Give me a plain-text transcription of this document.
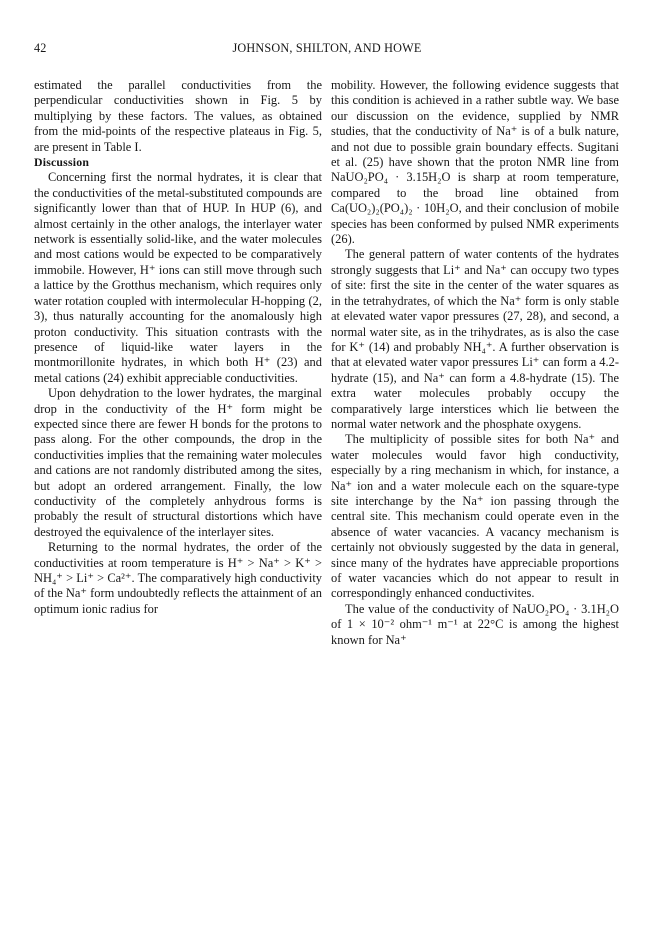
42	JOHNSON, SHILTON, AND HOWE

estimated the parallel conductivities from the perpendicular conductivities shown in Fig. 5 by multiplying by these factors. The values, as obtained from the mid-points of the respective plateaus in Fig. 5, are present in Table I.

Discussion

Concerning first the normal hydrates, it is clear that the conductivities of the metal-substituted compounds are significantly lower than that of HUP. In HUP (6), and almost certainly in the other analogs, the interlayer water network is essentially solid-like, and the water molecules and most cations would be expected to be comparatively immobile. However, H⁺ ions can still move through such a lattice by the Grotthus mechanism, which requires only water rotation coupled with intermolecular H-hopping (2, 3), thus naturally accounting for the anomalously high proton conductivity. This situation contrasts with the presence of liquid-like water layers in the montmorillonite hydrates, in which both H⁺ (23) and metal cations (24) exhibit appreciable conductivities.

Upon dehydration to the lower hydrates, the marginal drop in the conductivity of the H⁺ form might be expected since there are fewer H bonds for the protons to pass along. For the other compounds, the drop in the conductivities implies that the remaining water molecules and cations are not randomly distributed among the sites, but adopt an ordered arrangement. Finally, the low conductivity of the completely anhydrous forms is probably the result of structural distortions which have destroyed the equivalence of the interlayer sites.

Returning to the normal hydrates, the order of the conductivities at room temperature is H⁺ > Na⁺ > K⁺ > NH₄⁺ > Li⁺ > Ca²⁺. The comparatively high conductivity of the Na⁺ form undoubtedly reflects the attainment of an optimum ionic radius for

mobility. However, the following evidence suggests that this condition is achieved in a rather subtle way. We base our discussion on the evidence, supplied by NMR studies, that the conductivity of Na⁺ is of a bulk nature, and not due to possible grain boundary effects. Sugitani et al. (25) have shown that the proton NMR line from NaUO₂PO₄ · 3.15H₂O is sharp at room temperature, compared to the broad line obtained from Ca(UO₂)₂(PO₄)₂ · 10H₂O, and their conclusion of mobile species has been conformed by pulsed NMR experiments (26).

The general pattern of water contents of the hydrates strongly suggests that Li⁺ and Na⁺ can occupy two types of site: first the site in the center of the water squares as in the tetrahydrates, of which the Na⁺ form is only stable at elevated water vapor pressures (27, 28), and second, a normal water site, as in the trihydrates, as is also the case for K⁺ (14) and probably NH₄⁺. A further observation is that at elevated water vapor pressures Li⁺ can form a 4.2-hydrate (15), and Na⁺ can form a 4.8-hydrate (15). The extra water molecules probably occupy the comparatively large interstices which lie between the normal water network and the phosphate oxygens.

The multiplicity of possible sites for both Na⁺ and water molecules would favor high conductivity, especially by a ring mechanism in which, for instance, a Na⁺ ion and a water molecule each on the square-type site interchange by the Na⁺ ion passing through the central site. This mechanism could operate even in the absence of water vacancies. A vacancy mechanism is certainly not obviously suggested by the data in general, since many of the hydrates have appreciable proportions of water vacancies which do not appear to result in correspondingly enhanced conductivites.

The value of the conductivity of NaUO₂PO₄ · 3.1H₂O of 1 × 10⁻² ohm⁻¹ m⁻¹ at 22°C is among the highest known for Na⁺
